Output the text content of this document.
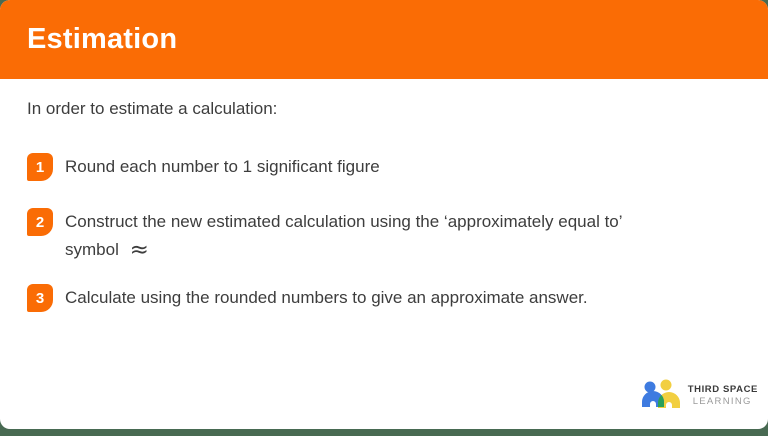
Estimation

In order to estimate a calculation:

1	Round each number to 1 significant figure
2	Construct the new estimated calculation using the ‘approximately equal to’
symbol ≈
3	Calculate using the rounded numbers to give an approximate answer.
THIRD SPACE
LEARNING
